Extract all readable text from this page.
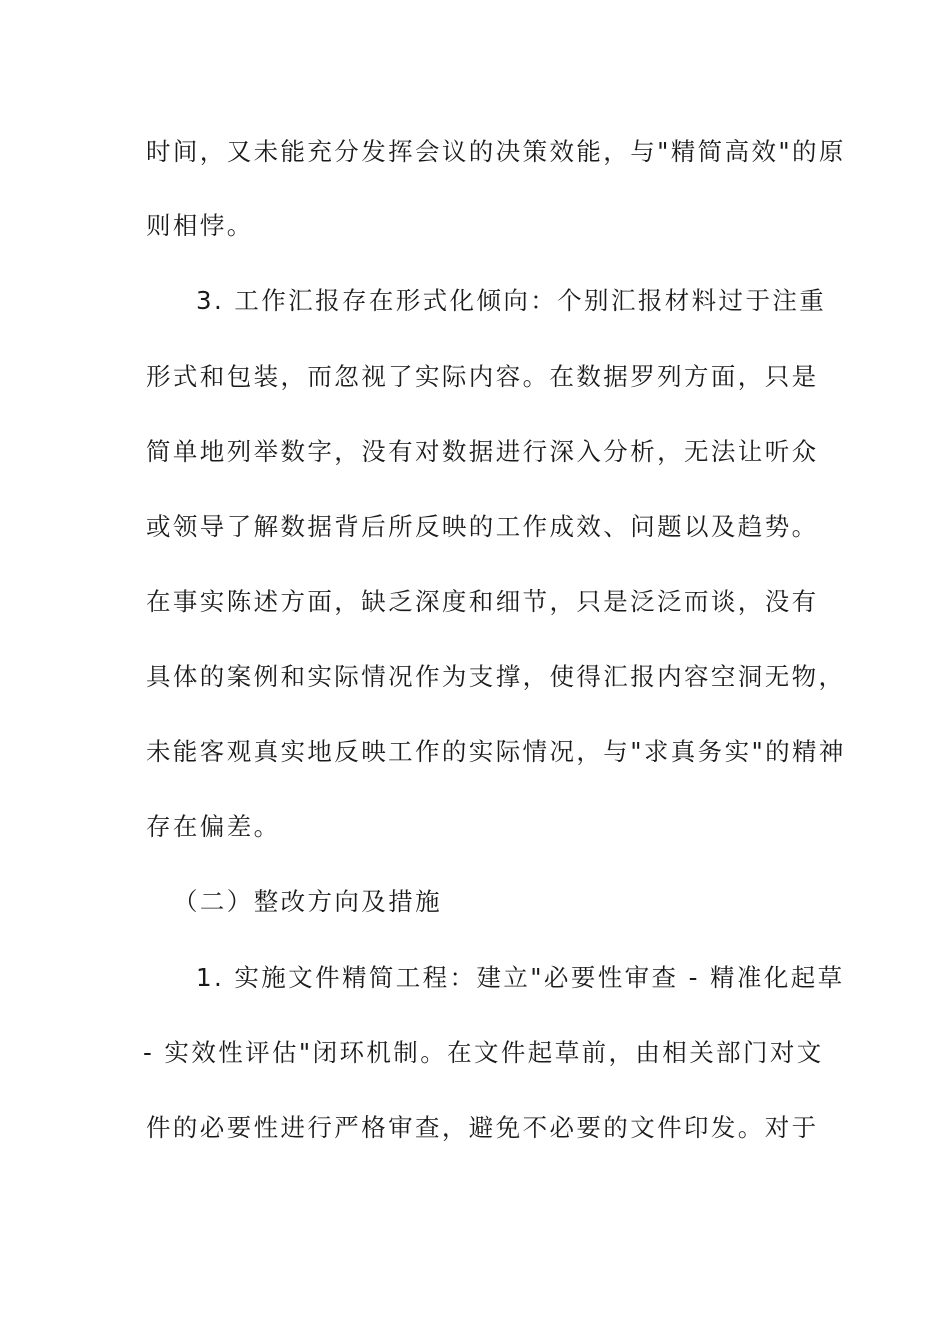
时间，又未能充分发挥会议的决策效能，与"精简高效"的原
则相悖。
3. 工作汇报存在形式化倾向：个别汇报材料过于注重
形式和包装，而忽视了实际内容。在数据罗列方面，只是
简单地列举数字，没有对数据进行深入分析，无法让听众
或领导了解数据背后所反映的工作成效、问题以及趋势。
在事实陈述方面，缺乏深度和细节，只是泛泛而谈，没有
具体的案例和实际情况作为支撑，使得汇报内容空洞无物，
未能客观真实地反映工作的实际情况，与"求真务实"的精神
存在偏差。
（二）整改方向及措施
1. 实施文件精简工程：建立"必要性审查 - 精准化起草
- 实效性评估"闭环机制。在文件起草前，由相关部门对文
件的必要性进行严格审查，避免不必要的文件印发。对于
